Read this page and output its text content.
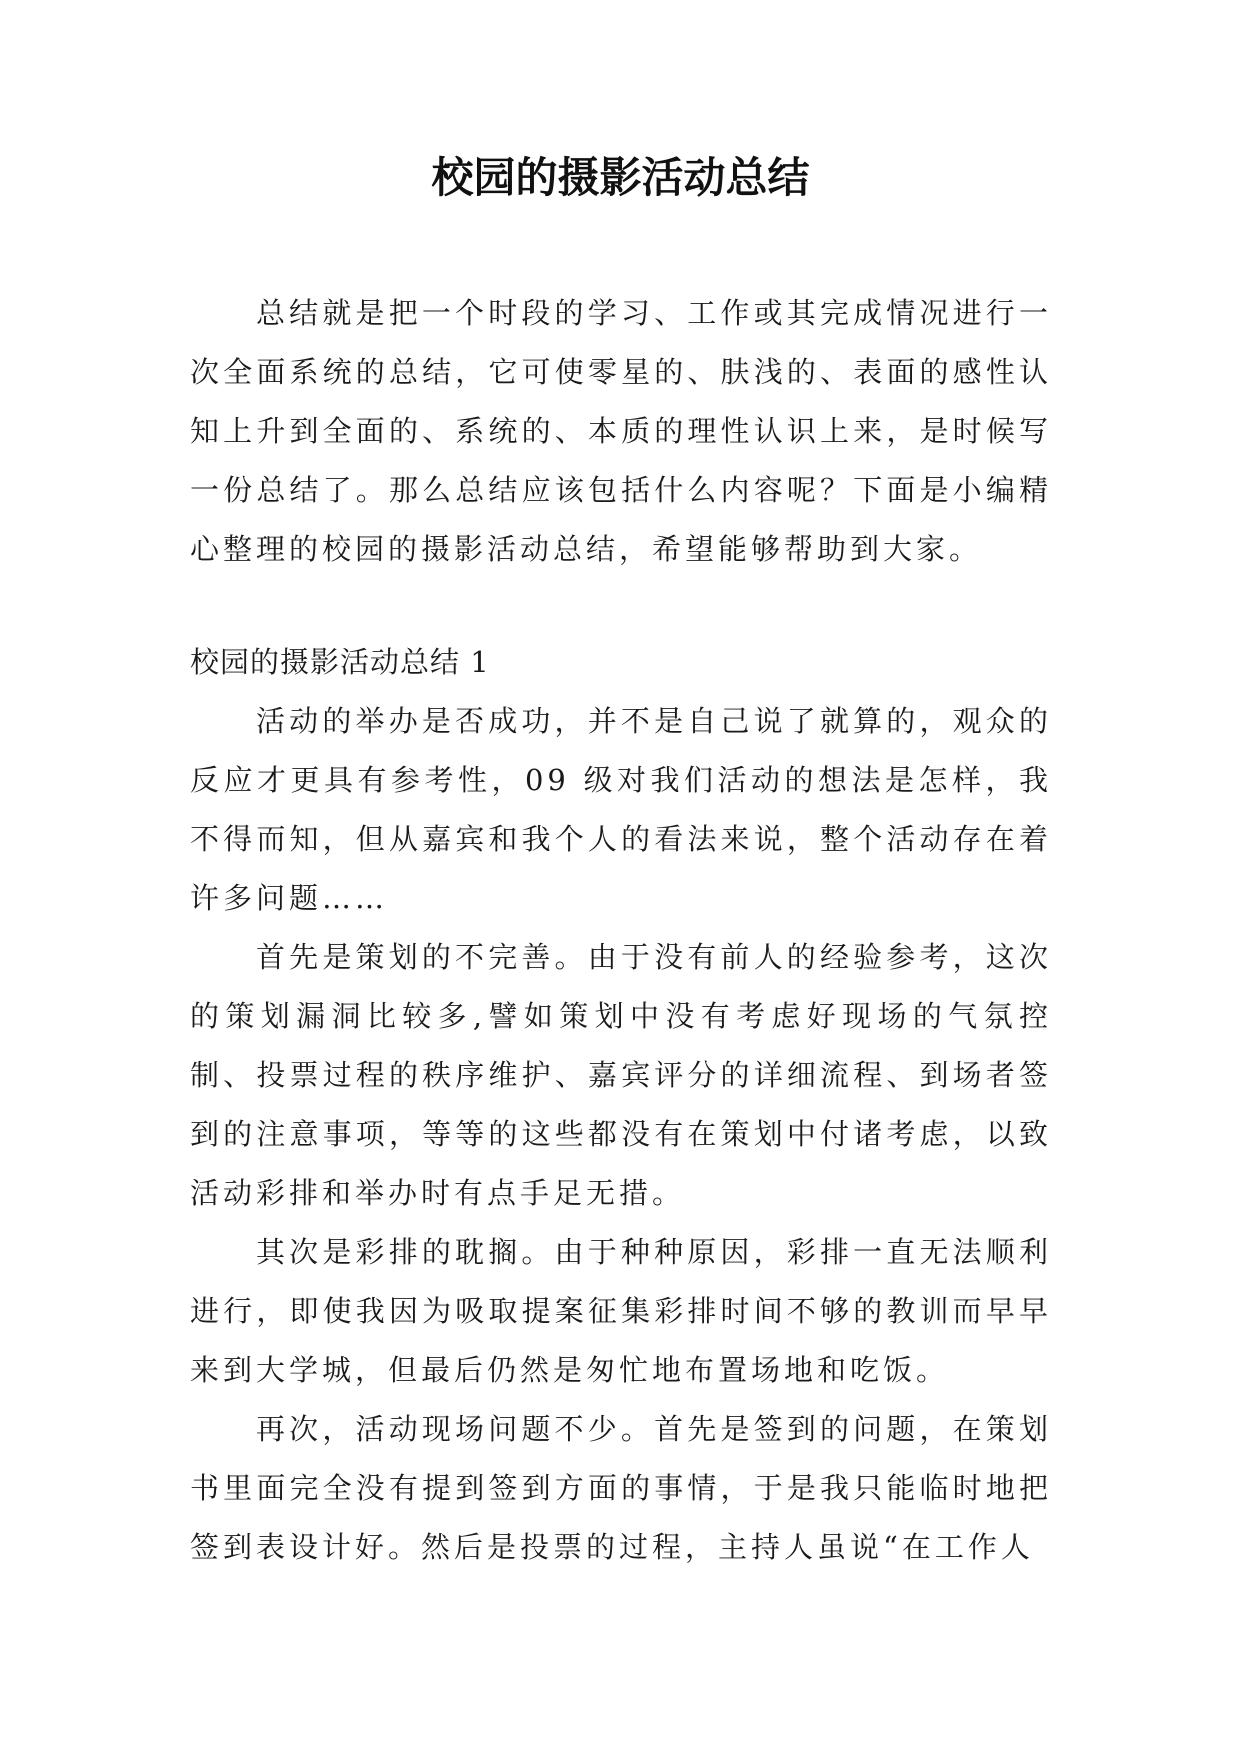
校园的摄影活动总结

总结就是把一个时段的学习、工作或其完成情况进行一次全面系统的总结，它可使零星的、肤浅的、表面的感性认知上升到全面的、系统的、本质的理性认识上来，是时候写一份总结了。那么总结应该包括什么内容呢？下面是小编精心整理的校园的摄影活动总结，希望能够帮助到大家。

校园的摄影活动总结 1

活动的举办是否成功，并不是自己说了就算的，观众的反应才更具有参考性，09 级对我们活动的想法是怎样，我不得而知，但从嘉宾和我个人的看法来说，整个活动存在着许多问题……

首先是策划的不完善。由于没有前人的经验参考，这次的策划漏洞比较多,譬如策划中没有考虑好现场的气氛控制、投票过程的秩序维护、嘉宾评分的详细流程、到场者签到的注意事项，等等的这些都没有在策划中付诸考虑，以致活动彩排和举办时有点手足无措。

其次是彩排的耽搁。由于种种原因，彩排一直无法顺利进行，即使我因为吸取提案征集彩排时间不够的教训而早早来到大学城，但最后仍然是匆忙地布置场地和吃饭。

再次，活动现场问题不少。首先是签到的问题，在策划书里面完全没有提到签到方面的事情，于是我只能临时地把签到表设计好。然后是投票的过程，主持人虽说“在工作人
